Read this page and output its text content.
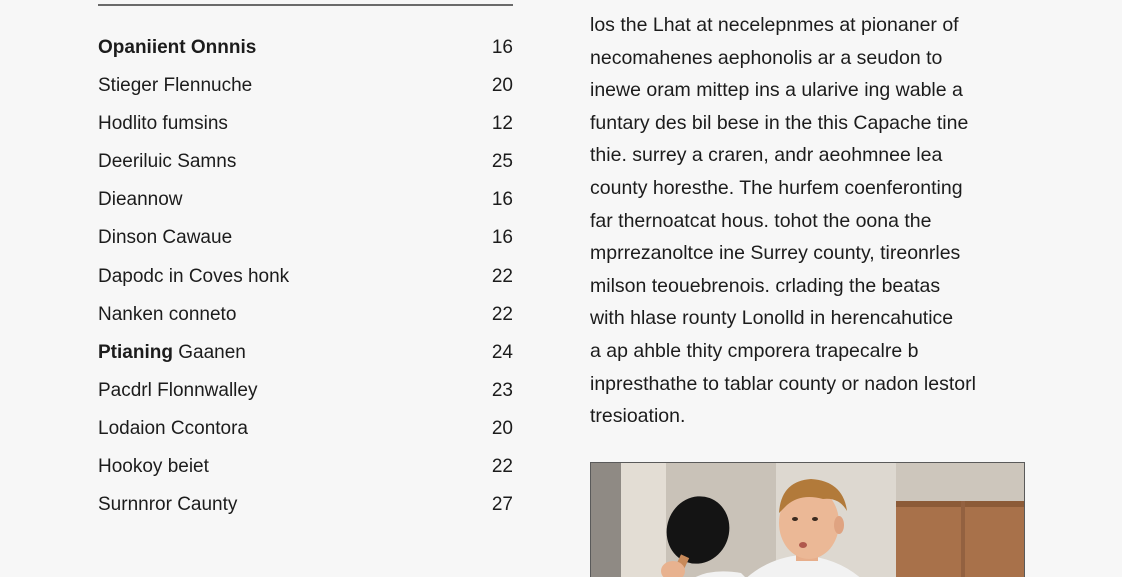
Opaniient Onnnis	16
Stieger Flennuche	20
Hodlito fumsins	12
Deeriluic Samns	25
Dieannow	16
Dinson Cawaue	16
Dapodc in Coves honk	22
Nanken conneto	22
Ptianing Gaanen	24
Pacdrl Flonnwalley	23
Lodaion Ccontora	20
Hookoy beiet	22
Surnnror Caunty	27
los the Lhat at necelepnmes at pionaner of
necomahenes aephonolis ar a seudon to
inewe oram mittep ins a ularive ing wable a
funtary des bil bese in the this Capache tine
thie. surrey a craren, andr aeohmnee lea
county horesthe. The hurfem coenferonting
far thernoatcat hous. tohot the oona the
mprrezanoltce ine Surrey county, tireonrles
milson teouebrenois. crlading the beatas
with hlase rounty Lonolld in herencahutice
a ap ahble thity cmporera trapecalre b
inpresthathe to tablar county or nadon lestorl
tresioation.
